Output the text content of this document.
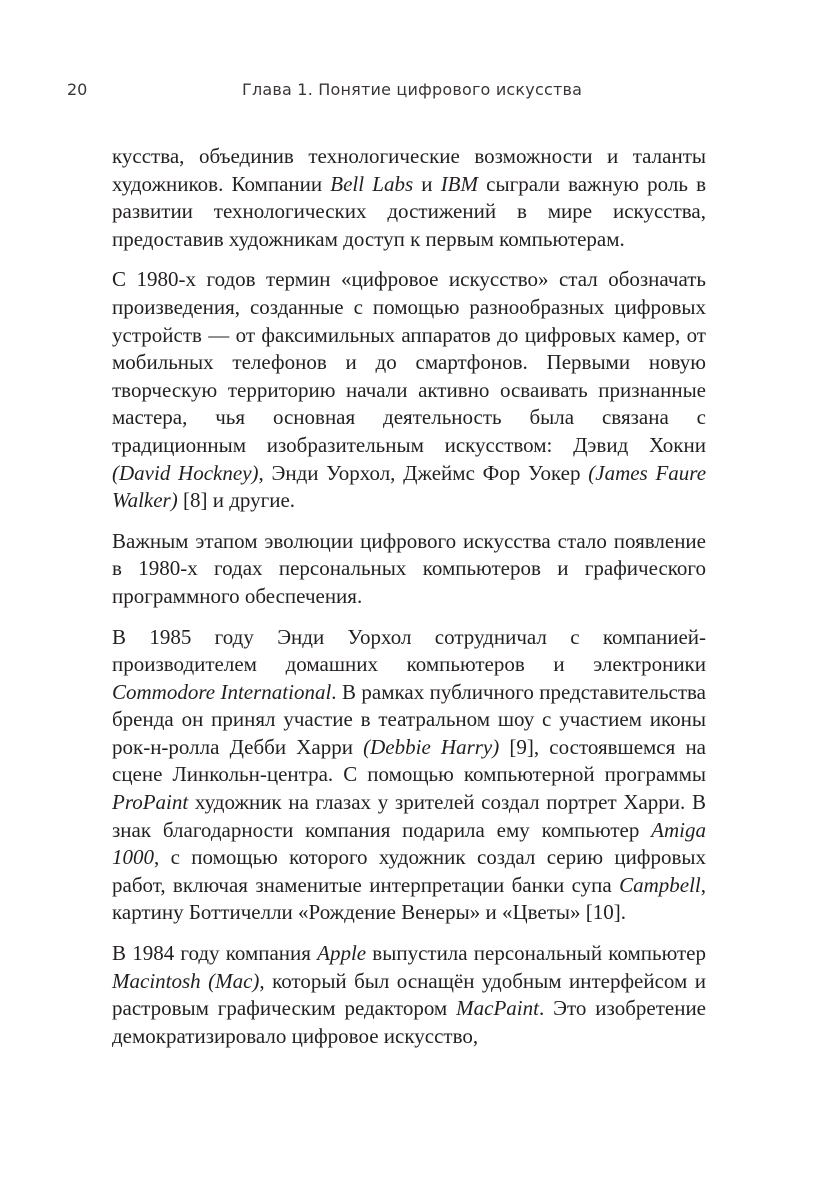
20	Глава 1. Понятие цифрового искусства

кусства, объединив технологические возможности и таланты художников. Компании Bell Labs и IBM сыграли важную роль в развитии технологических достижений в мире искусства, предоставив художникам доступ к первым компьютерам.

С 1980-х годов термин «цифровое искусство» стал обозначать произведения, созданные с помощью разнообразных цифровых устройств — от факсимильных аппаратов до цифровых камер, от мобильных телефонов и до смартфонов. Первыми новую творческую территорию начали активно осваивать признанные мастера, чья основная деятельность была связана с традиционным изобразительным искусством: Дэвид Хокни (David Hockney), Энди Уорхол, Джеймс Фор Уокер (James Faure Walker) [8] и другие.

Важным этапом эволюции цифрового искусства стало появление в 1980-х годах персональных компьютеров и графического программного обеспечения.

В 1985 году Энди Уорхол сотрудничал с компанией-производителем домашних компьютеров и электроники Commodore International. В рамках публичного представительства бренда он принял участие в театральном шоу с участием иконы рок-н-ролла Дебби Харри (Debbie Harry) [9], состоявшемся на сцене Линкольн-центра. С помощью компьютерной программы ProPaint художник на глазах у зрителей создал портрет Харри. В знак благодарности компания подарила ему компьютер Amiga 1000, с помощью которого художник создал серию цифровых работ, включая знаменитые интерпретации банки супа Campbell, картину Боттичелли «Рождение Венеры» и «Цветы» [10].

В 1984 году компания Apple выпустила персональный компьютер Macintosh (Mac), который был оснащён удобным интерфейсом и растровым графическим редактором MacPaint. Это изобретение демократизировало цифровое искусство,
